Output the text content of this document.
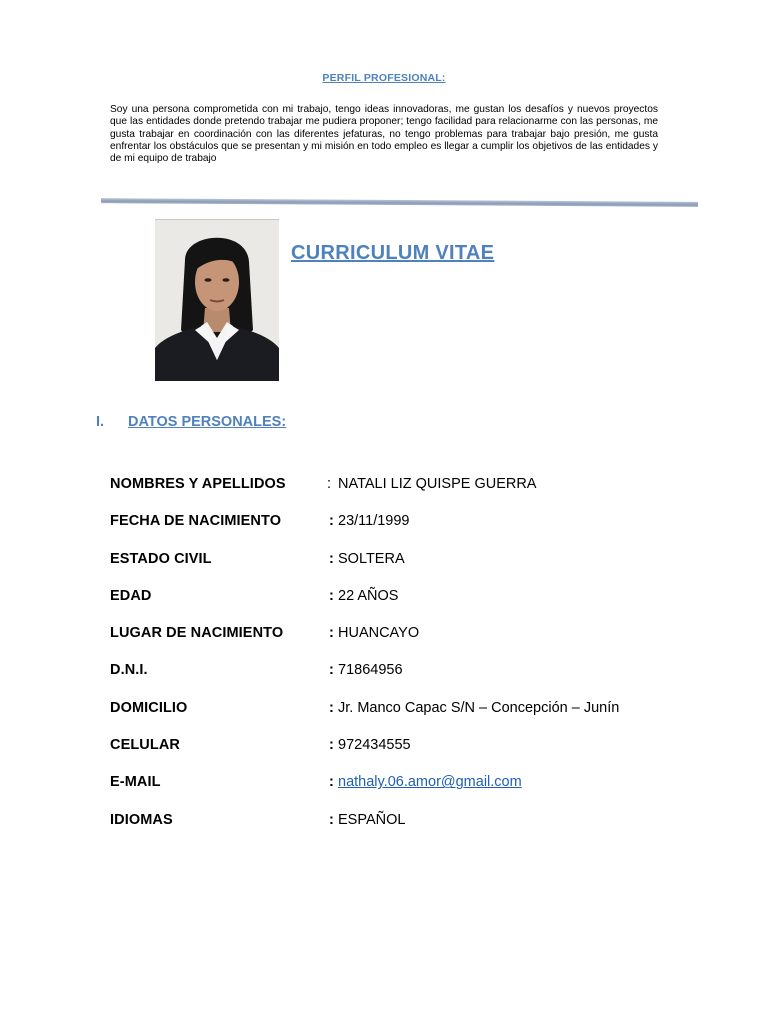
PERFIL PROFESIONAL:
Soy una persona comprometida con mi trabajo, tengo ideas innovadoras, me gustan los desafíos y nuevos proyectos que las entidades donde pretendo trabajar me pudiera proponer; tengo facilidad para relacionarme con las personas, me gusta trabajar en coordinación con las diferentes jefaturas, no tengo problemas para trabajar bajo presión, me gusta enfrentar los obstáculos que se presentan y mi misión en todo empleo es llegar a cumplir los objetivos de las entidades y de mi equipo de trabajo
CURRICULUM VITAE
I. DATOS PERSONALES:
NOMBRES Y APELLIDOS	: NATALI LIZ QUISPE GUERRA
FECHA DE NACIMIENTO	: 23/11/1999
ESTADO CIVIL	: SOLTERA
EDAD	: 22 AÑOS
LUGAR DE NACIMIENTO	: HUANCAYO
D.N.I.	: 71864956
DOMICILIO	: Jr. Manco Capac S/N – Concepción – Junín
CELULAR	: 972434555
E-MAIL	: nathaly.06.amor@gmail.com
IDIOMAS	: ESPAÑOL
